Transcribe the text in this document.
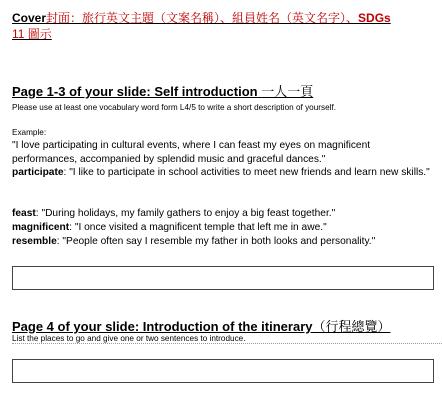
Cover封面：旅行英文主題（文案名稱）、組員姓名（英文名字）、SDGs
11 圖示
Page 1-3 of your slide: Self introduction 一人一頁
Please use at least one vocabulary word form L4/5 to write a short description of yourself.
Example:
"I love participating in cultural events, where I can feast my eyes on magnificent performances, accompanied by splendid music and graceful dances."
participate: "I like to participate in school activities to meet new friends and learn new skills."
feast: "During holidays, my family gathers to enjoy a big feast together."
magnificent: "I once visited a magnificent temple that left me in awe."
resemble: "People often say I resemble my father in both looks and personality."
Page 4 of your slide: Introduction of the itinerary（行程總覽）
List the places to go and give one or two sentences to introduce.
